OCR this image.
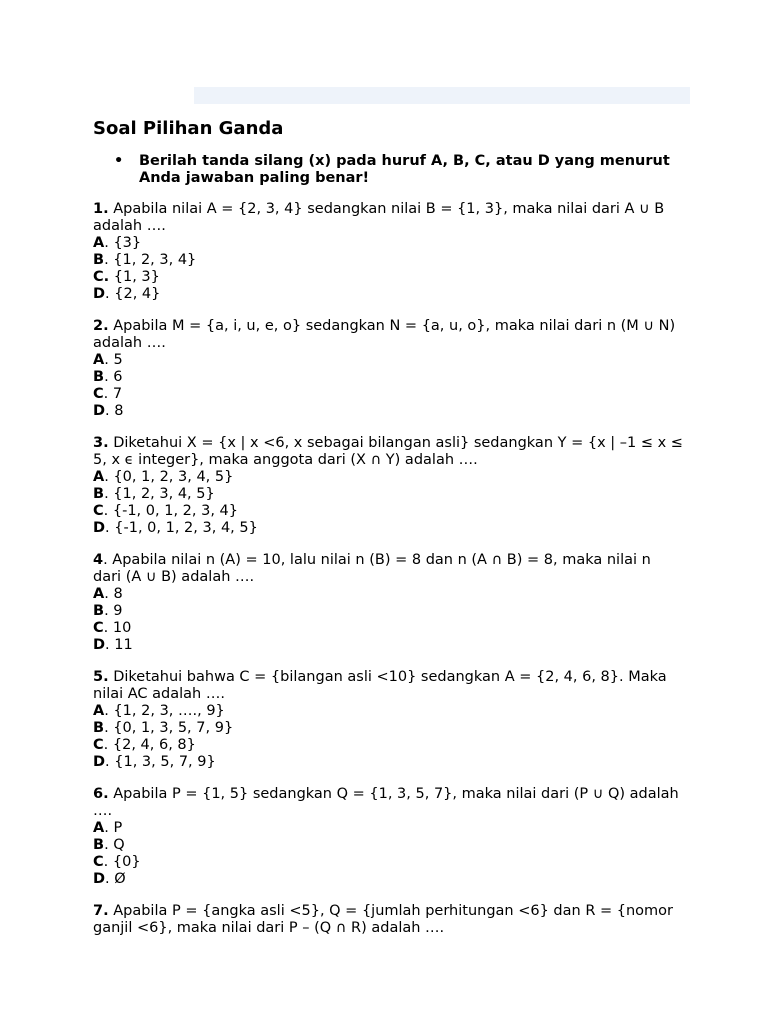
Soal Pilihan Ganda
•	Berilah tanda silang (x) pada huruf A, B, C, atau D yang menurut Anda jawaban paling benar!
1. Apabila nilai A = {2, 3, 4} sedangkan nilai B = {1, 3}, maka nilai dari A ∪ B adalah ….
A. {3}
B. {1, 2, 3, 4}
C. {1, 3}
D. {2, 4}
2. Apabila M = {a, i, u, e, o} sedangkan N = {a, u, o}, maka nilai dari n (M ∪ N) adalah ….
A. 5
B. 6
C. 7
D. 8
3. Diketahui X = {x | x <6, x sebagai bilangan asli} sedangkan Y = {x | –1 ≤ x ≤ 5, x ϵ integer}, maka anggota dari (X ∩ Y) adalah ….
A. {0, 1, 2, 3, 4, 5}
B. {1, 2, 3, 4, 5}
C. {-1, 0, 1, 2, 3, 4}
D. {-1, 0, 1, 2, 3, 4, 5}
4. Apabila nilai n (A) = 10, lalu nilai n (B) = 8 dan n (A ∩ B) = 8, maka nilai n dari (A ∪ B) adalah ….
A. 8
B. 9
C. 10
D. 11
5. Diketahui bahwa C = {bilangan asli <10} sedangkan A = {2, 4, 6, 8}. Maka nilai AC adalah ….
A. {1, 2, 3, …., 9}
B. {0, 1, 3, 5, 7, 9}
C. {2, 4, 6, 8}
D. {1, 3, 5, 7, 9}
6. Apabila P = {1, 5} sedangkan Q = {1, 3, 5, 7}, maka nilai dari (P ∪ Q) adalah ….
A. P
B. Q
C. {0}
D. Ø
7. Apabila P = {angka asli <5}, Q = {jumlah perhitungan <6} dan R = {nomor ganjil <6}, maka nilai dari P – (Q ∩ R) adalah ….
